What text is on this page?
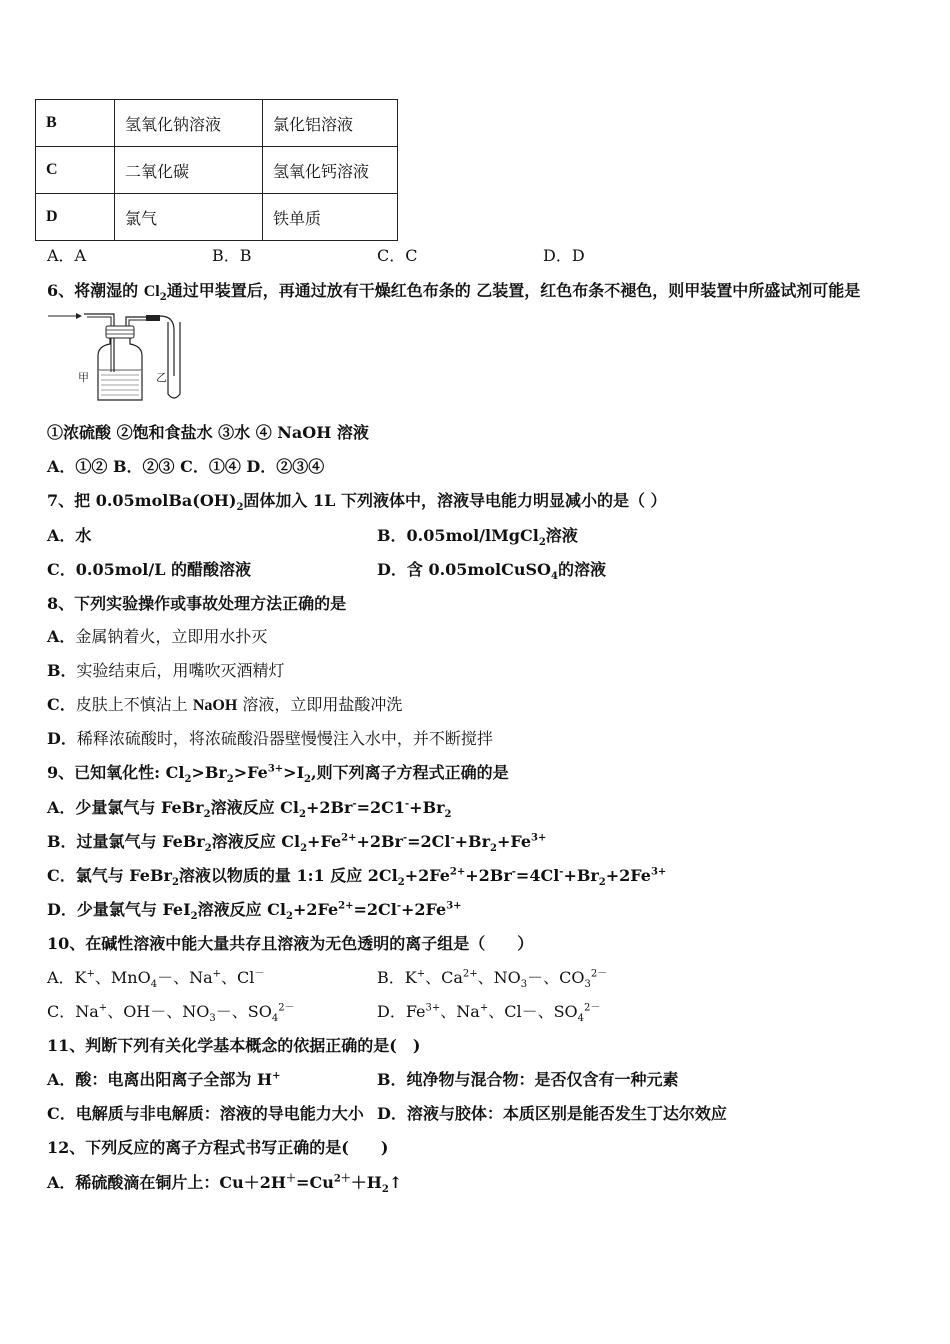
B	氢氧化钠溶液	氯化铝溶液
C	二氧化碳	氢氧化钙溶液
D	氯气	铁单质
A．A	B．B	C．C	D．D
6、将潮湿的 $Cl_2$通过甲装置后，再通过放有干燥红色布条的 乙装置，红色布条不褪色，则甲装置中所盛试剂可能是
甲	乙
①浓硫酸 ②饱和食盐水 ③水 ④ NaOH 溶液
A．①② B．②③ C．①④ D．②③④
7、把 $0.05molBa(OH)_2$固体加入 1L 下列液体中，溶液导电能力明显减小的是（ ）
A．水	B．0.05mol/lMgCl$_2$溶液
C．0.05mol/L 的醋酸溶液	D．含 0.05molCuSO$_4$的溶液
8、下列实验操作或事故处理方法正确的是
A．金属钠着火，立即用水扑灭
B．实验结束后，用嘴吹灭酒精灯
C．皮肤上不慎沾上 NaOH 溶液，立即用盐酸冲洗
D．稀释浓硫酸时，将浓硫酸沿器壁慢慢注入水中，并不断搅拌
9、已知氧化性: $Cl_2>Br_2>Fe^{3+}>I_2$,则下列离子方程式正确的是
A．少量氯气与 FeBr$_2$溶液反应 $Cl_2+2Br^-=2C1^-+Br_2$
B．过量氯气与 FeBr$_2$溶液反应 $Cl_2+Fe^{2+}+2Br^-=2Cl^-+Br_2+Fe^{3+}$
C．氯气与 FeBr$_2$溶液以物质的量 1:1 反应 $2Cl_2+2Fe^{2+}+2Br^-=4Cl^-+Br_2+2Fe^{3+}$
D．少量氯气与 FeI$_2$溶液反应 $Cl_2+2Fe^{2+}=2Cl^-+2Fe^{3+}$
10、在碱性溶液中能大量共存且溶液为无色透明的离子组是（　　）
A．K+、MnO$_4$－、Na+、Cl－	B．K+、$Ca^{2+}$、$NO_3-$、$CO_3^{2-}$
C．Na+、OH－、$NO_3-$、$SO_4^{2-}$	D．$Fe^{3+}$、Na+、Cl－、$SO_4^{2-}$
11、判断下列有关化学基本概念的依据正确的是(　)
A．酸：电离出阳离子全部为 H+	B．纯净物与混合物：是否仅含有一种元素
C．电解质与非电解质：溶液的导电能力大小 D．溶液与胶体：本质区别是能否发生丁达尔效应
12、下列反应的离子方程式书写正确的是(　　)
A．稀硫酸滴在铜片上：$Cu+2H^+=Cu^{2+}+H_2↑$
